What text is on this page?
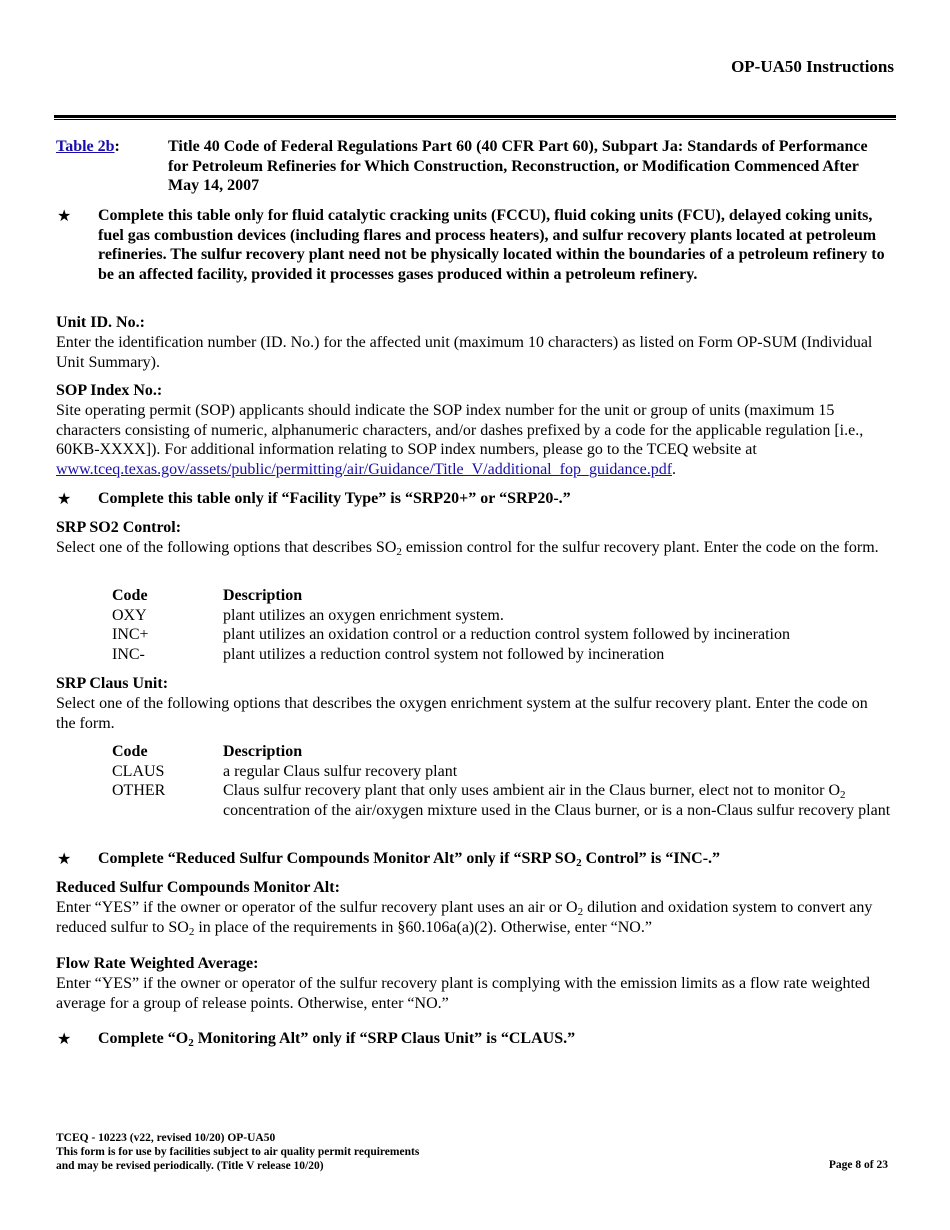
OP-UA50 Instructions
Table 2b:	Title 40 Code of Federal Regulations Part 60 (40 CFR Part 60), Subpart Ja: Standards of Performance for Petroleum Refineries for Which Construction, Reconstruction, or Modification Commenced After May 14, 2007
★ Complete this table only for fluid catalytic cracking units (FCCU), fluid coking units (FCU), delayed coking units, fuel gas combustion devices (including flares and process heaters), and sulfur recovery plants located at petroleum refineries. The sulfur recovery plant need not be physically located within the boundaries of a petroleum refinery to be an affected facility, provided it processes gases produced within a petroleum refinery.
Unit ID. No.:
Enter the identification number (ID. No.) for the affected unit (maximum 10 characters) as listed on Form OP-SUM (Individual Unit Summary).
SOP Index No.:
Site operating permit (SOP) applicants should indicate the SOP index number for the unit or group of units (maximum 15 characters consisting of numeric, alphanumeric characters, and/or dashes prefixed by a code for the applicable regulation [i.e., 60KB-XXXX]). For additional information relating to SOP index numbers, please go to the TCEQ website at www.tceq.texas.gov/assets/public/permitting/air/Guidance/Title_V/additional_fop_guidance.pdf.
★ Complete this table only if “Facility Type” is “SRP20+” or “SRP20-.”
SRP SO2 Control:
Select one of the following options that describes $SO_2$ emission control for the sulfur recovery plant. Enter the code on the form.
Code	Description
OXY	plant utilizes an oxygen enrichment system.
INC+	plant utilizes an oxidation control or a reduction control system followed by incineration
INC-	plant utilizes a reduction control system not followed by incineration
SRP Claus Unit:
Select one of the following options that describes the oxygen enrichment system at the sulfur recovery plant. Enter the code on the form.
Code	Description
CLAUS	a regular Claus sulfur recovery plant
OTHER	Claus sulfur recovery plant that only uses ambient air in the Claus burner, elect not to monitor $O_2$ concentration of the air/oxygen mixture used in the Claus burner, or is a non-Claus sulfur recovery plant
★ Complete “Reduced Sulfur Compounds Monitor Alt” only if “SRP $SO_2$ Control” is “INC-.”
Reduced Sulfur Compounds Monitor Alt:
Enter “YES” if the owner or operator of the sulfur recovery plant uses an air or $O_2$ dilution and oxidation system to convert any reduced sulfur to $SO_2$ in place of the requirements in §60.106a(a)(2). Otherwise, enter “NO.”
Flow Rate Weighted Average:
Enter “YES” if the owner or operator of the sulfur recovery plant is complying with the emission limits as a flow rate weighted average for a group of release points. Otherwise, enter “NO.”
★ Complete “$O_2$ Monitoring Alt” only if “SRP Claus Unit” is “CLAUS.”
TCEQ - 10223 (v22, revised 10/20) OP-UA50
This form is for use by facilities subject to air quality permit requirements
and may be revised periodically. (Title V release 10/20)	Page 8 of 23
